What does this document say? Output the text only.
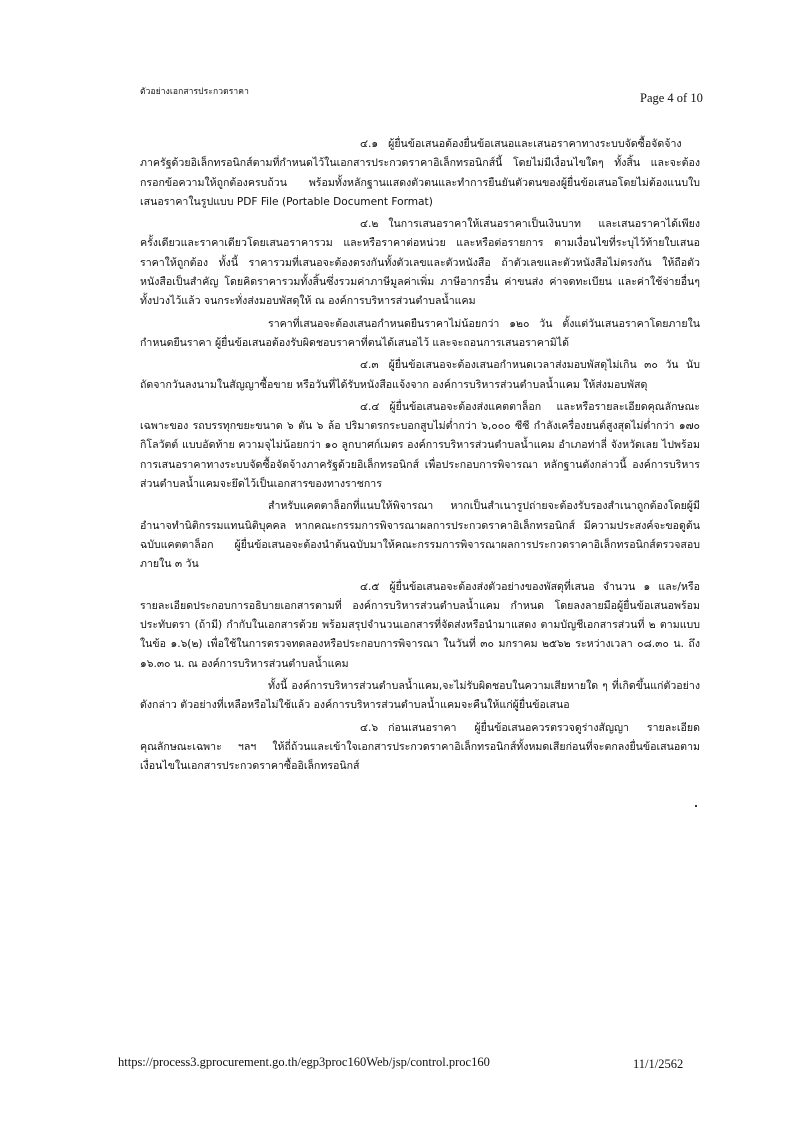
ตัวอย่างเอกสารประกวดราคา	Page 4 of 10

๔.๑ ผู้ยื่นข้อเสนอต้องยื่นข้อเสนอและเสนอราคาทางระบบจัดซื้อจัดจ้างภาครัฐด้วยอิเล็กทรอนิกส์ตามที่กำหนดไว้ในเอกสารประกวดราคาอิเล็กทรอนิกส์นี้ โดยไม่มีเงื่อนไขใดๆ ทั้งสิ้น และจะต้องกรอกข้อความให้ถูกต้องครบถ้วน พร้อมทั้งหลักฐานแสดงตัวตนและทำการยืนยันตัวตนของผู้ยื่นข้อเสนอโดยไม่ต้องแนบใบเสนอราคาในรูปแบบ PDF File (Portable Document Format)

๔.๒ ในการเสนอราคาให้เสนอราคาเป็นเงินบาท และเสนอราคาได้เพียงครั้งเดียวและราคาเดียวโดยเสนอราคารวม และหรือราคาต่อหน่วย และหรือต่อรายการ ตามเงื่อนไขที่ระบุไว้ท้ายใบเสนอราคาให้ถูกต้อง ทั้งนี้ ราคารวมที่เสนอจะต้องตรงกันทั้งตัวเลขและตัวหนังสือ ถ้าตัวเลขและตัวหนังสือไม่ตรงกัน ให้ถือตัวหนังสือเป็นสำคัญ โดยคิดราคารวมทั้งสิ้นซึ่งรวมค่าภาษีมูลค่าเพิ่ม ภาษีอากรอื่น ค่าขนส่ง ค่าจดทะเบียน และค่าใช้จ่ายอื่นๆ ทั้งปวงไว้แล้ว จนกระทั่งส่งมอบพัสดุให้ ณ องค์การบริหารส่วนตำบลน้ำแคม

ราคาที่เสนอจะต้องเสนอกำหนดยืนราคาไม่น้อยกว่า ๑๒๐ วัน ตั้งแต่วันเสนอราคาโดยภายในกำหนดยืนราคา ผู้ยื่นข้อเสนอต้องรับผิดชอบราคาที่ตนได้เสนอไว้ และจะถอนการเสนอราคามิได้

๔.๓ ผู้ยื่นข้อเสนอจะต้องเสนอกำหนดเวลาส่งมอบพัสดุไม่เกิน ๓๐ วัน นับถัดจากวันลงนามในสัญญาซื้อขาย หรือวันที่ได้รับหนังสือแจ้งจาก องค์การบริหารส่วนตำบลน้ำแคม ให้ส่งมอบพัสดุ

๔.๔ ผู้ยื่นข้อเสนอจะต้องส่งแคตตาล็อก และหรือรายละเอียดคุณลักษณะเฉพาะของ รถบรรทุกขยะขนาด ๖ ตัน ๖ ล้อ ปริมาตรกระบอกสูบไม่ต่ำกว่า ๖,๐๐๐ ซีซี กำลังเครื่องยนต์สูงสุดไม่ต่ำกว่า ๑๗๐ กิโลวัตต์ แบบอัดท้าย ความจุไม่น้อยกว่า ๑๐ ลูกบาศก์เมตร องค์การบริหารส่วนตำบลน้ำแคม อำเภอท่าลี่ จังหวัดเลย ไปพร้อมการเสนอราคาทางระบบจัดซื้อจัดจ้างภาครัฐด้วยอิเล็กทรอนิกส์ เพื่อประกอบการพิจารณา หลักฐานดังกล่าวนี้ องค์การบริหารส่วนตำบลน้ำแคมจะยึดไว้เป็นเอกสารของทางราชการ

สำหรับแคตตาล็อกที่แนบให้พิจารณา หากเป็นสำเนารูปถ่ายจะต้องรับรองสำเนาถูกต้องโดยผู้มีอำนาจทำนิติกรรมแทนนิติบุคคล หากคณะกรรมการพิจารณาผลการประกวดราคาอิเล็กทรอนิกส์ มีความประสงค์จะขอดูต้นฉบับแคตตาล็อก ผู้ยื่นข้อเสนอจะต้องนำต้นฉบับมาให้คณะกรรมการพิจารณาผลการประกวดราคาอิเล็กทรอนิกส์ตรวจสอบภายใน ๓ วัน

๔.๕ ผู้ยื่นข้อเสนอจะต้องส่งตัวอย่างของพัสดุที่เสนอ จำนวน ๑ และ/หรือรายละเอียดประกอบการอธิบายเอกสารตามที่ องค์การบริหารส่วนตำบลน้ำแคม กำหนด โดยลงลายมือผู้ยื่นข้อเสนอพร้อมประทับตรา (ถ้ามี) กำกับในเอกสารด้วย พร้อมสรุปจำนวนเอกสารที่จัดส่งหรือนำมาแสดง ตามบัญชีเอกสารส่วนที่ ๒ ตามแบบในข้อ ๑.๖(๒) เพื่อใช้ในการตรวจทดลองหรือประกอบการพิจารณา ในวันที่ ๓๐ มกราคม ๒๕๖๒ ระหว่างเวลา ๐๘.๓๐ น. ถึง ๑๖.๓๐ น. ณ องค์การบริหารส่วนตำบลน้ำแคม

ทั้งนี้ องค์การบริหารส่วนตำบลน้ำแคม,จะไม่รับผิดชอบในความเสียหายใด ๆ ที่เกิดขึ้นแก่ตัวอย่างดังกล่าว ตัวอย่างที่เหลือหรือไม่ใช้แล้ว องค์การบริหารส่วนตำบลน้ำแคมจะคืนให้แก่ผู้ยื่นข้อเสนอ

๔.๖ ก่อนเสนอราคา ผู้ยื่นข้อเสนอควรตรวจดูร่างสัญญา รายละเอียดคุณลักษณะเฉพาะ ฯลฯ ให้ถี่ถ้วนและเข้าใจเอกสารประกวดราคาอิเล็กทรอนิกส์ทั้งหมดเสียก่อนที่จะตกลงยื่นข้อเสนอตามเงื่อนไขในเอกสารประกวดราคาซื้ออิเล็กทรอนิกส์

https://process3.gprocurement.go.th/egp3proc160Web/jsp/control.proc160	11/1/2562
